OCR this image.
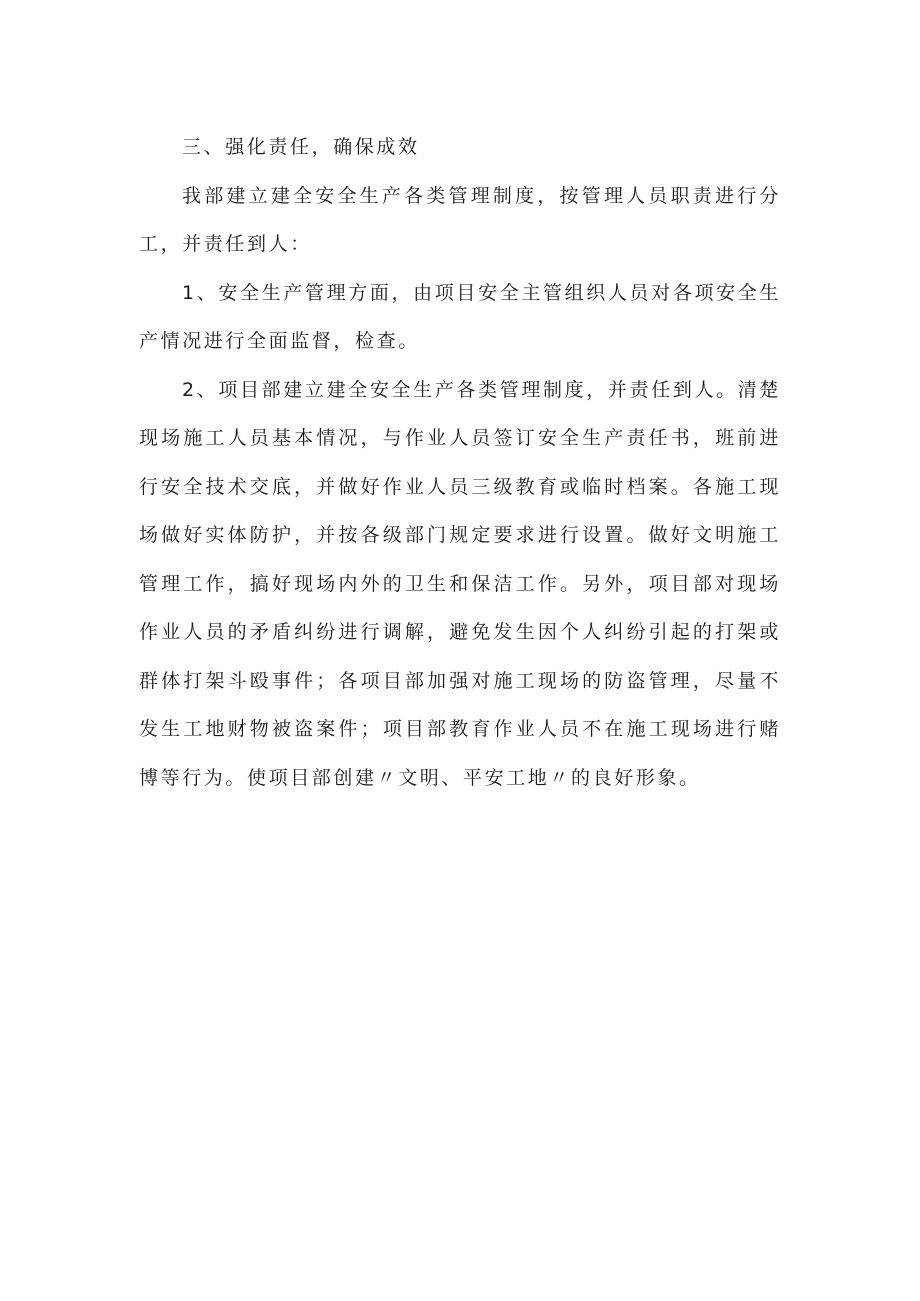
三、强化责任，确保成效

我部建立建全安全生产各类管理制度，按管理人员职责进行分工，并责任到人：

1、安全生产管理方面，由项目安全主管组织人员对各项安全生产情况进行全面监督，检查。

2、项目部建立建全安全生产各类管理制度，并责任到人。清楚现场施工人员基本情况，与作业人员签订安全生产责任书，班前进行安全技术交底，并做好作业人员三级教育或临时档案。各施工现场做好实体防护，并按各级部门规定要求进行设置。做好文明施工管理工作，搞好现场内外的卫生和保洁工作。另外，项目部对现场作业人员的矛盾纠纷进行调解，避免发生因个人纠纷引起的打架或群体打架斗殴事件；各项目部加强对施工现场的防盗管理，尽量不发生工地财物被盗案件；项目部教育作业人员不在施工现场进行赌博等行为。使项目部创建〃文明、平安工地〃的良好形象。
